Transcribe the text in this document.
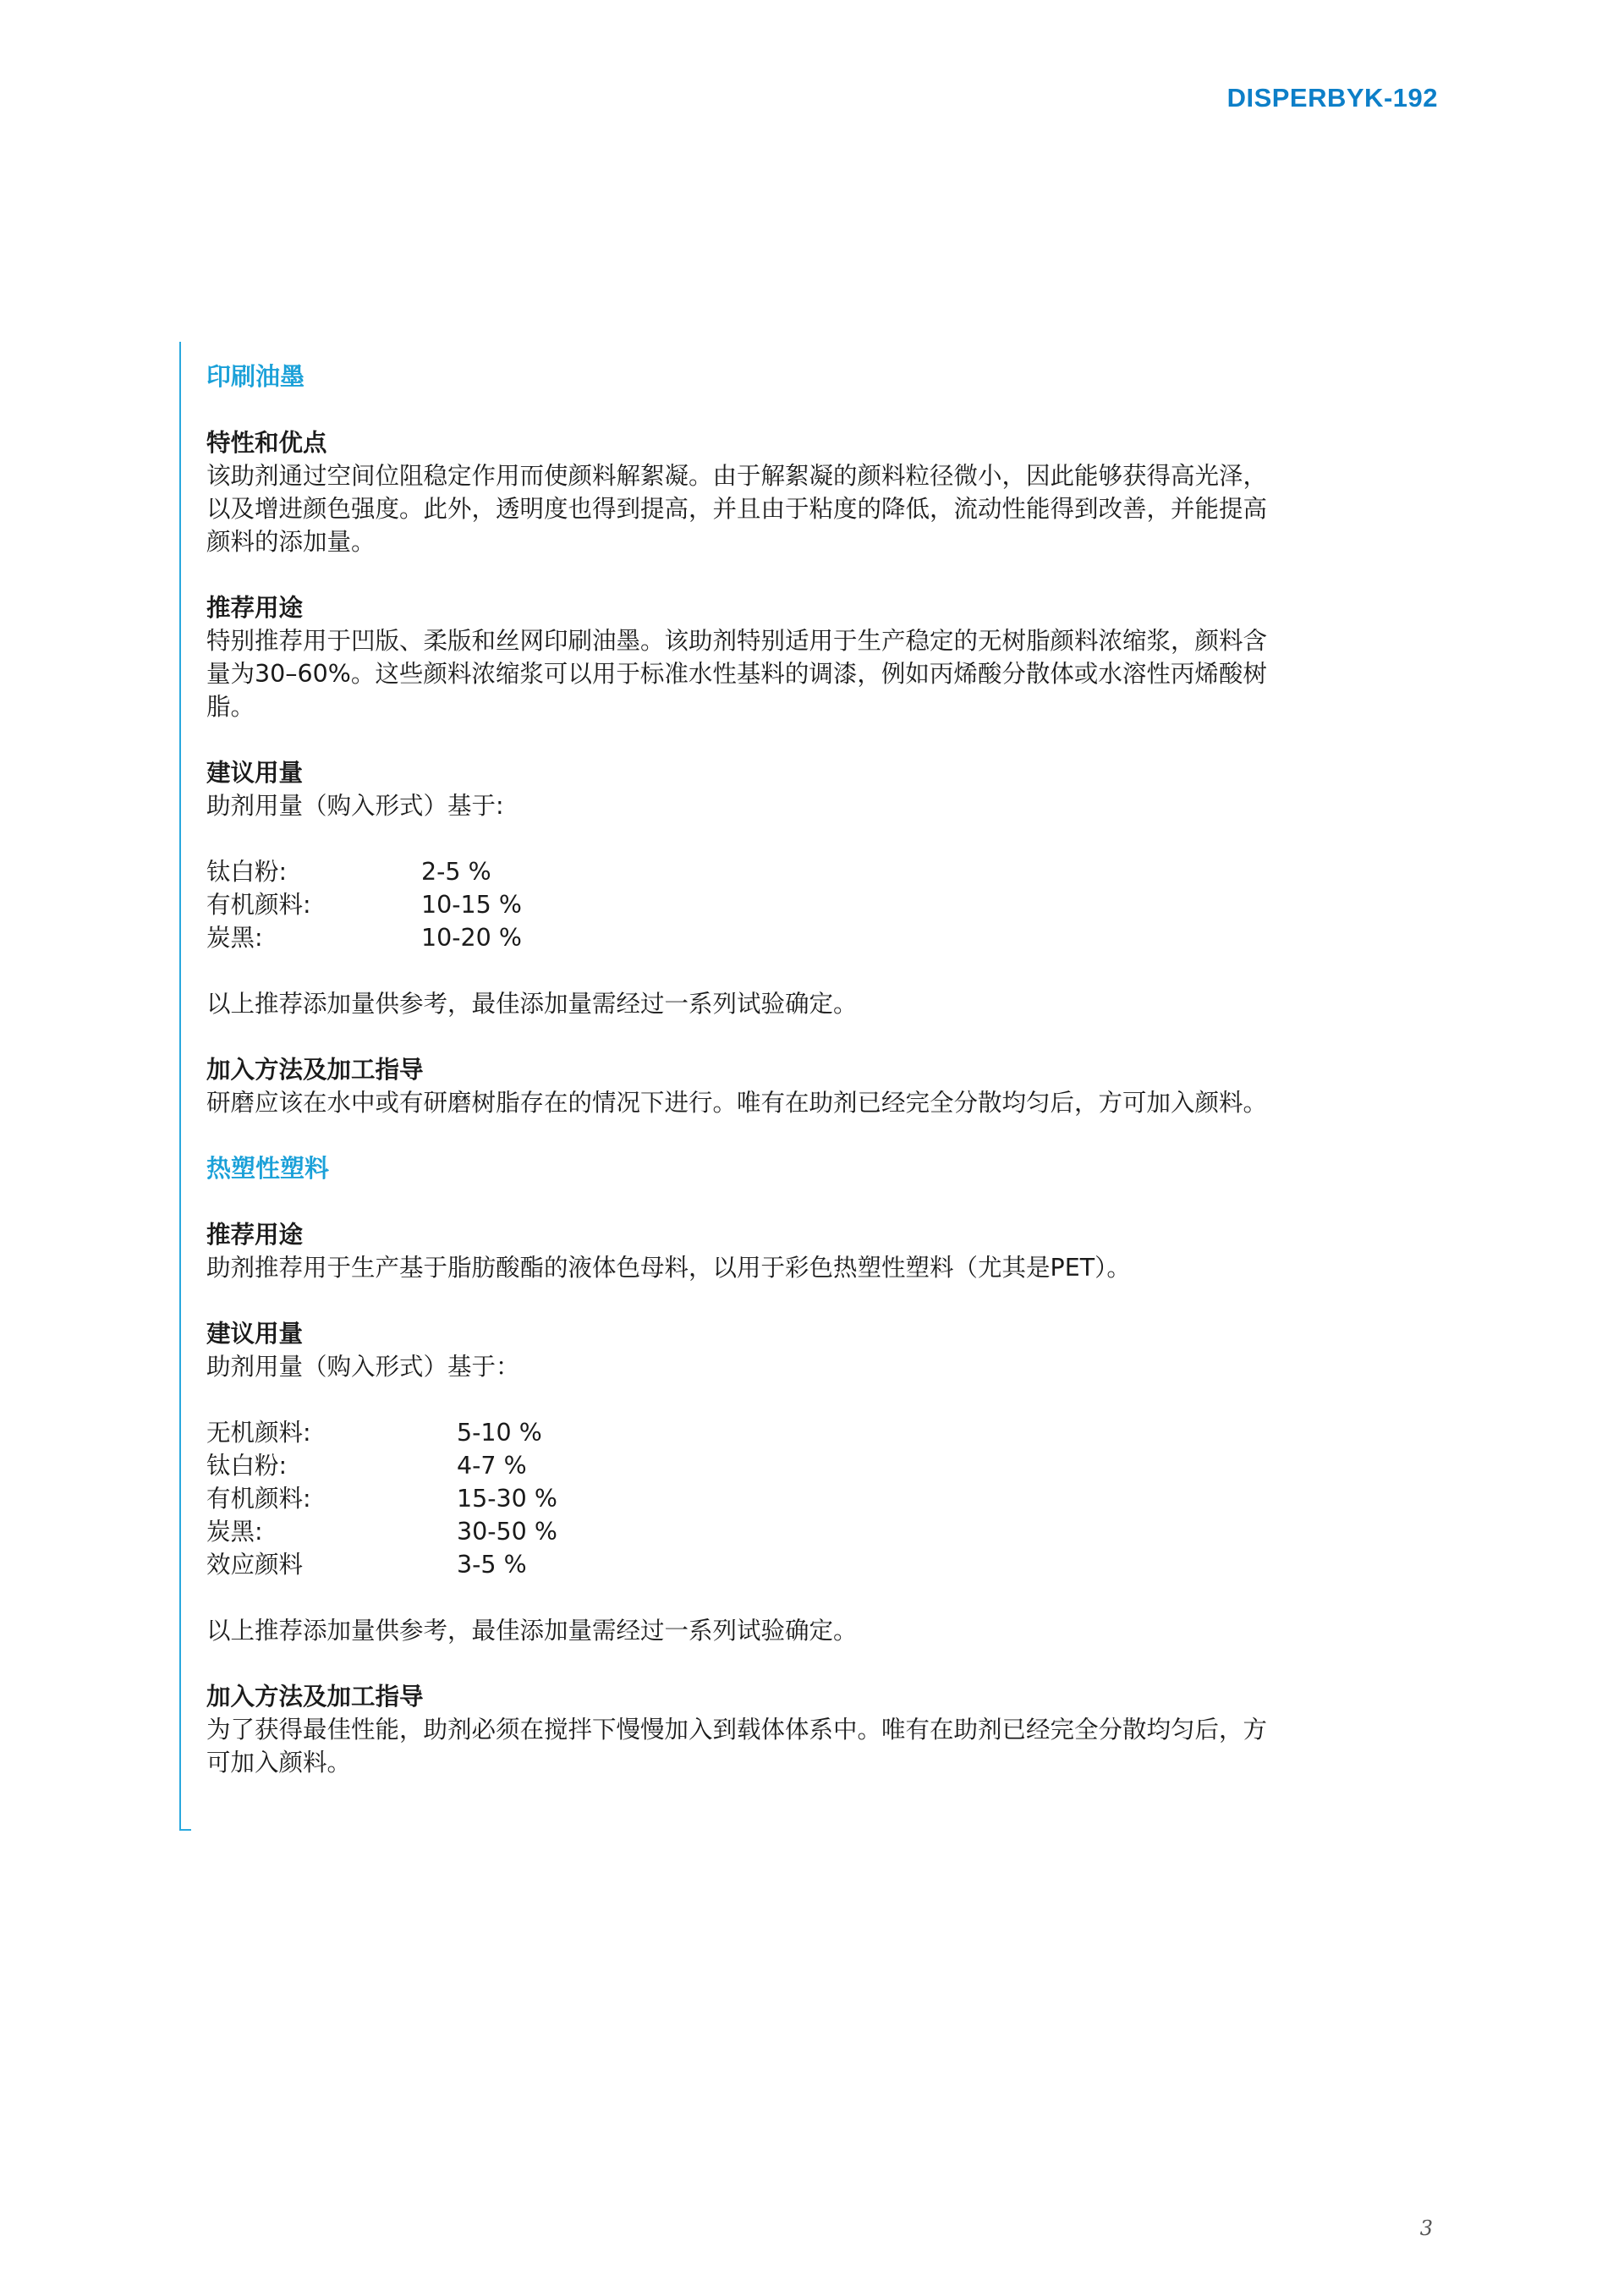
DISPERBYK-192
印刷油墨
特性和优点

该助剂通过空间位阻稳定作用而使颜料解絮凝。由于解絮凝的颜料粒径微小，因此能够获得高光泽，

以及增进颜色强度。此外，透明度也得到提高，并且由于粘度的降低，流动性能得到改善，并能提高

颜料的添加量。

推荐用途

特别推荐用于凹版、柔版和丝网印刷油墨。该助剂特别适用于生产稳定的无树脂颜料浓缩浆，颜料含

量为30–60%。这些颜料浓缩浆可以用于标准水性基料的调漆，例如丙烯酸分散体或水溶性丙烯酸树

脂。

建议用量

助剂用量（购入形式）基于:

钛白粉:	2-5 %
有机颜料:	10-15 %
炭黑:	10-20 %

以上推荐添加量供参考，最佳添加量需经过一系列试验确定。

加入方法及加工指导

研磨应该在水中或有研磨树脂存在的情况下进行。唯有在助剂已经完全分散均匀后，方可加入颜料。

热塑性塑料
推荐用途

助剂推荐用于生产基于脂肪酸酯的液体色母料，以用于彩色热塑性塑料（尤其是PET）。

建议用量

助剂用量（购入形式）基于：

无机颜料:	5-10 %
钛白粉:	4-7 %
有机颜料:	15-30 %
炭黑:	30-50 %
效应颜料	3-5 %

以上推荐添加量供参考，最佳添加量需经过一系列试验确定。

加入方法及加工指导

为了获得最佳性能，助剂必须在搅拌下慢慢加入到载体体系中。唯有在助剂已经完全分散均匀后，方

可加入颜料。

3
